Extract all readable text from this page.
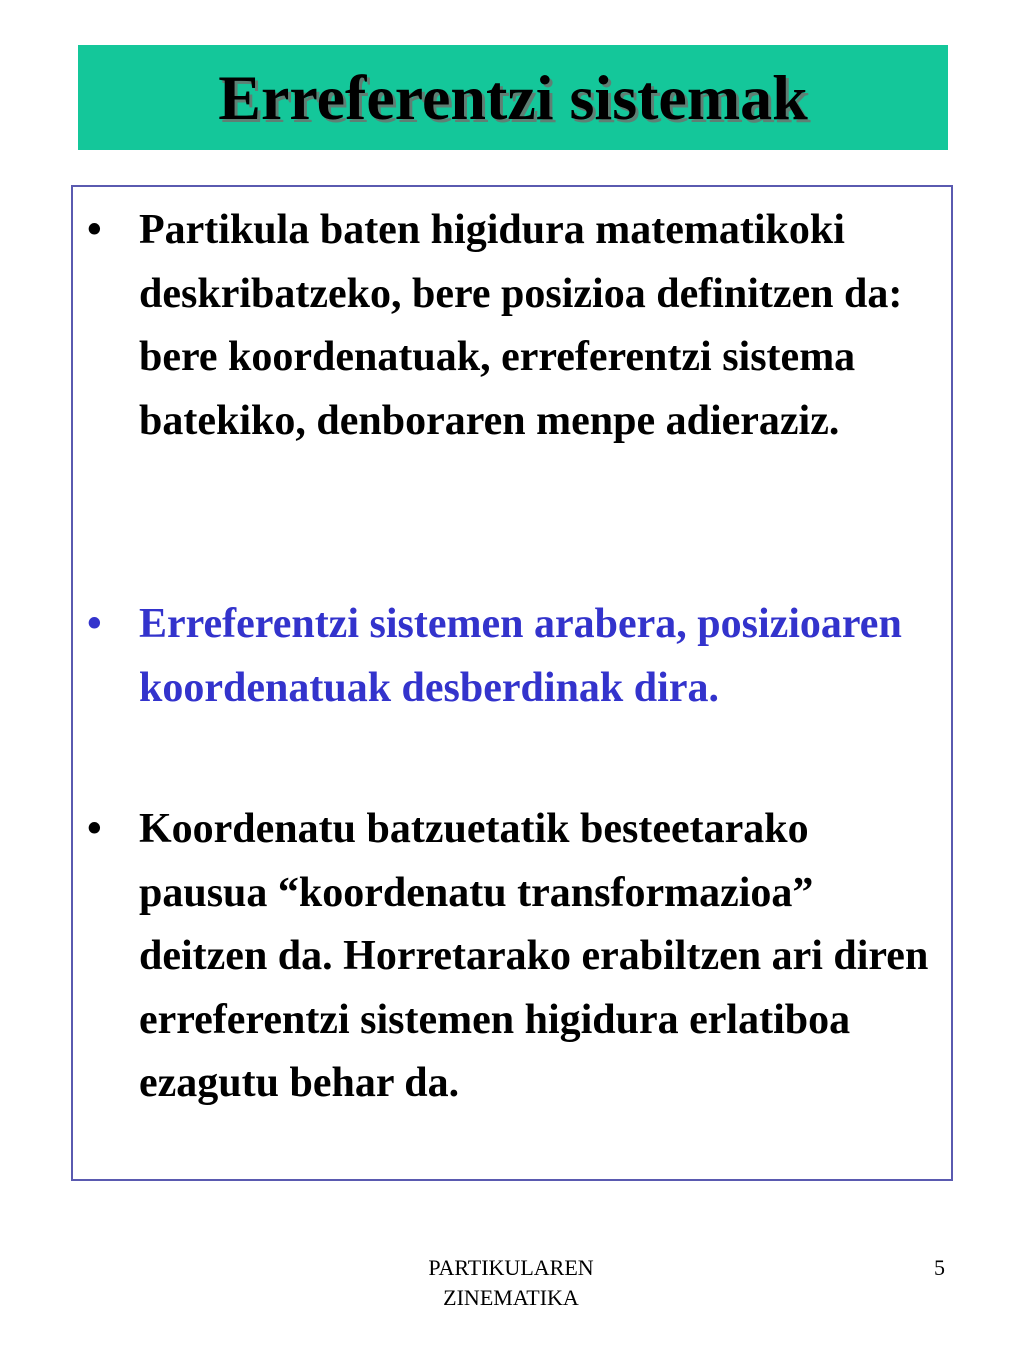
Erreferentzi sistemak
• Partikula baten higidura matematikoki deskribatzeko, bere posizioa definitzen da: bere koordenatuak, erreferentzi sistema batekiko, denboraren menpe adieraziz.
• Erreferentzi sistemen arabera, posizioaren koordenatuak desberdinak dira.
• Koordenatu batzuetatik besteetarako pausua “koordenatu transformazioa” deitzen da. Horretarako erabiltzen ari diren erreferentzi sistemen higidura erlatiboa ezagutu behar da.
PARTIKULAREN
ZINEMATIKA
5
